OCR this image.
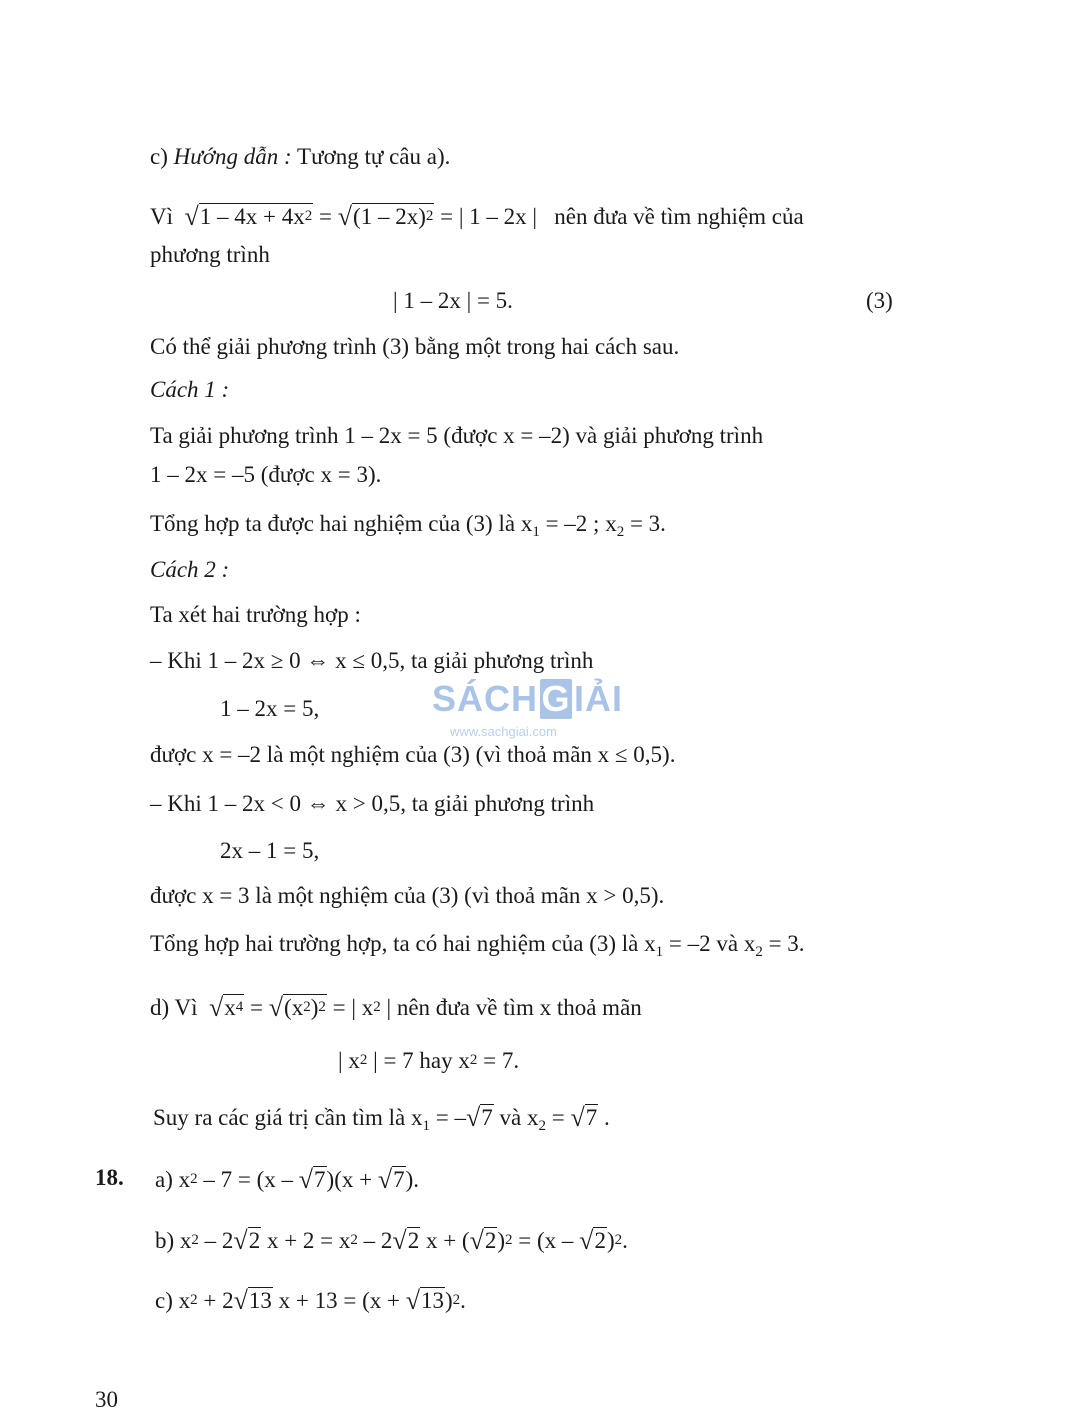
SÁCH G IẢI
www.sachgiai.com
c) Hướng dẫn : Tương tự câu a).
Vì $√1 - 4x + 4x^2 = √(1 - 2x)^2$ = | 1 – 2x | nên đưa về tìm nghiệm của
phương trình
| 1 – 2x | = 5.	(3)
Có thể giải phương trình (3) bằng một trong hai cách sau.
Cách 1 :
Ta giải phương trình 1 – 2x = 5 (được x = –2) và giải phương trình
1 – 2x = –5 (được x = 3).
Tổng hợp ta được hai nghiệm của (3) là $x_1 = -2$ ; $x_2 = 3$.
Cách 2 :
Ta xét hai trường hợp :
– Khi 1 – 2x ≥ 0 ⇔ x ≤ 0,5, ta giải phương trình
1 – 2x = 5,
được x = –2 là một nghiệm của (3) (vì thoả mãn x ≤ 0,5).
– Khi 1 – 2x < 0 ⇔ x > 0,5, ta giải phương trình
2x – 1 = 5,
được x = 3 là một nghiệm của (3) (vì thoả mãn x > 0,5).
Tổng hợp hai trường hợp, ta có hai nghiệm của (3) là $x_1 = -2$ và $x_2 = 3$.
d) Vì $√x^4 = √(x^2)^2$ = | $x^2$ | nên đưa về tìm x thoả mãn
| $x^2$ | = 7 hay $x^2 = 7$.
Suy ra các giá trị cần tìm là $x_1 = -√7$ và $x_2 = √7$ .
18. a) $x^2 - 7 = (x - √7)(x + √7)$.
b) $x^2 - 2√2$ $x + 2 = x^2 - 2√2$ $x + (√2)^2 = (x - √2)^2$.
c) $x^2 + 2√13$ $x + 13 = (x + √13)^2$.
30
